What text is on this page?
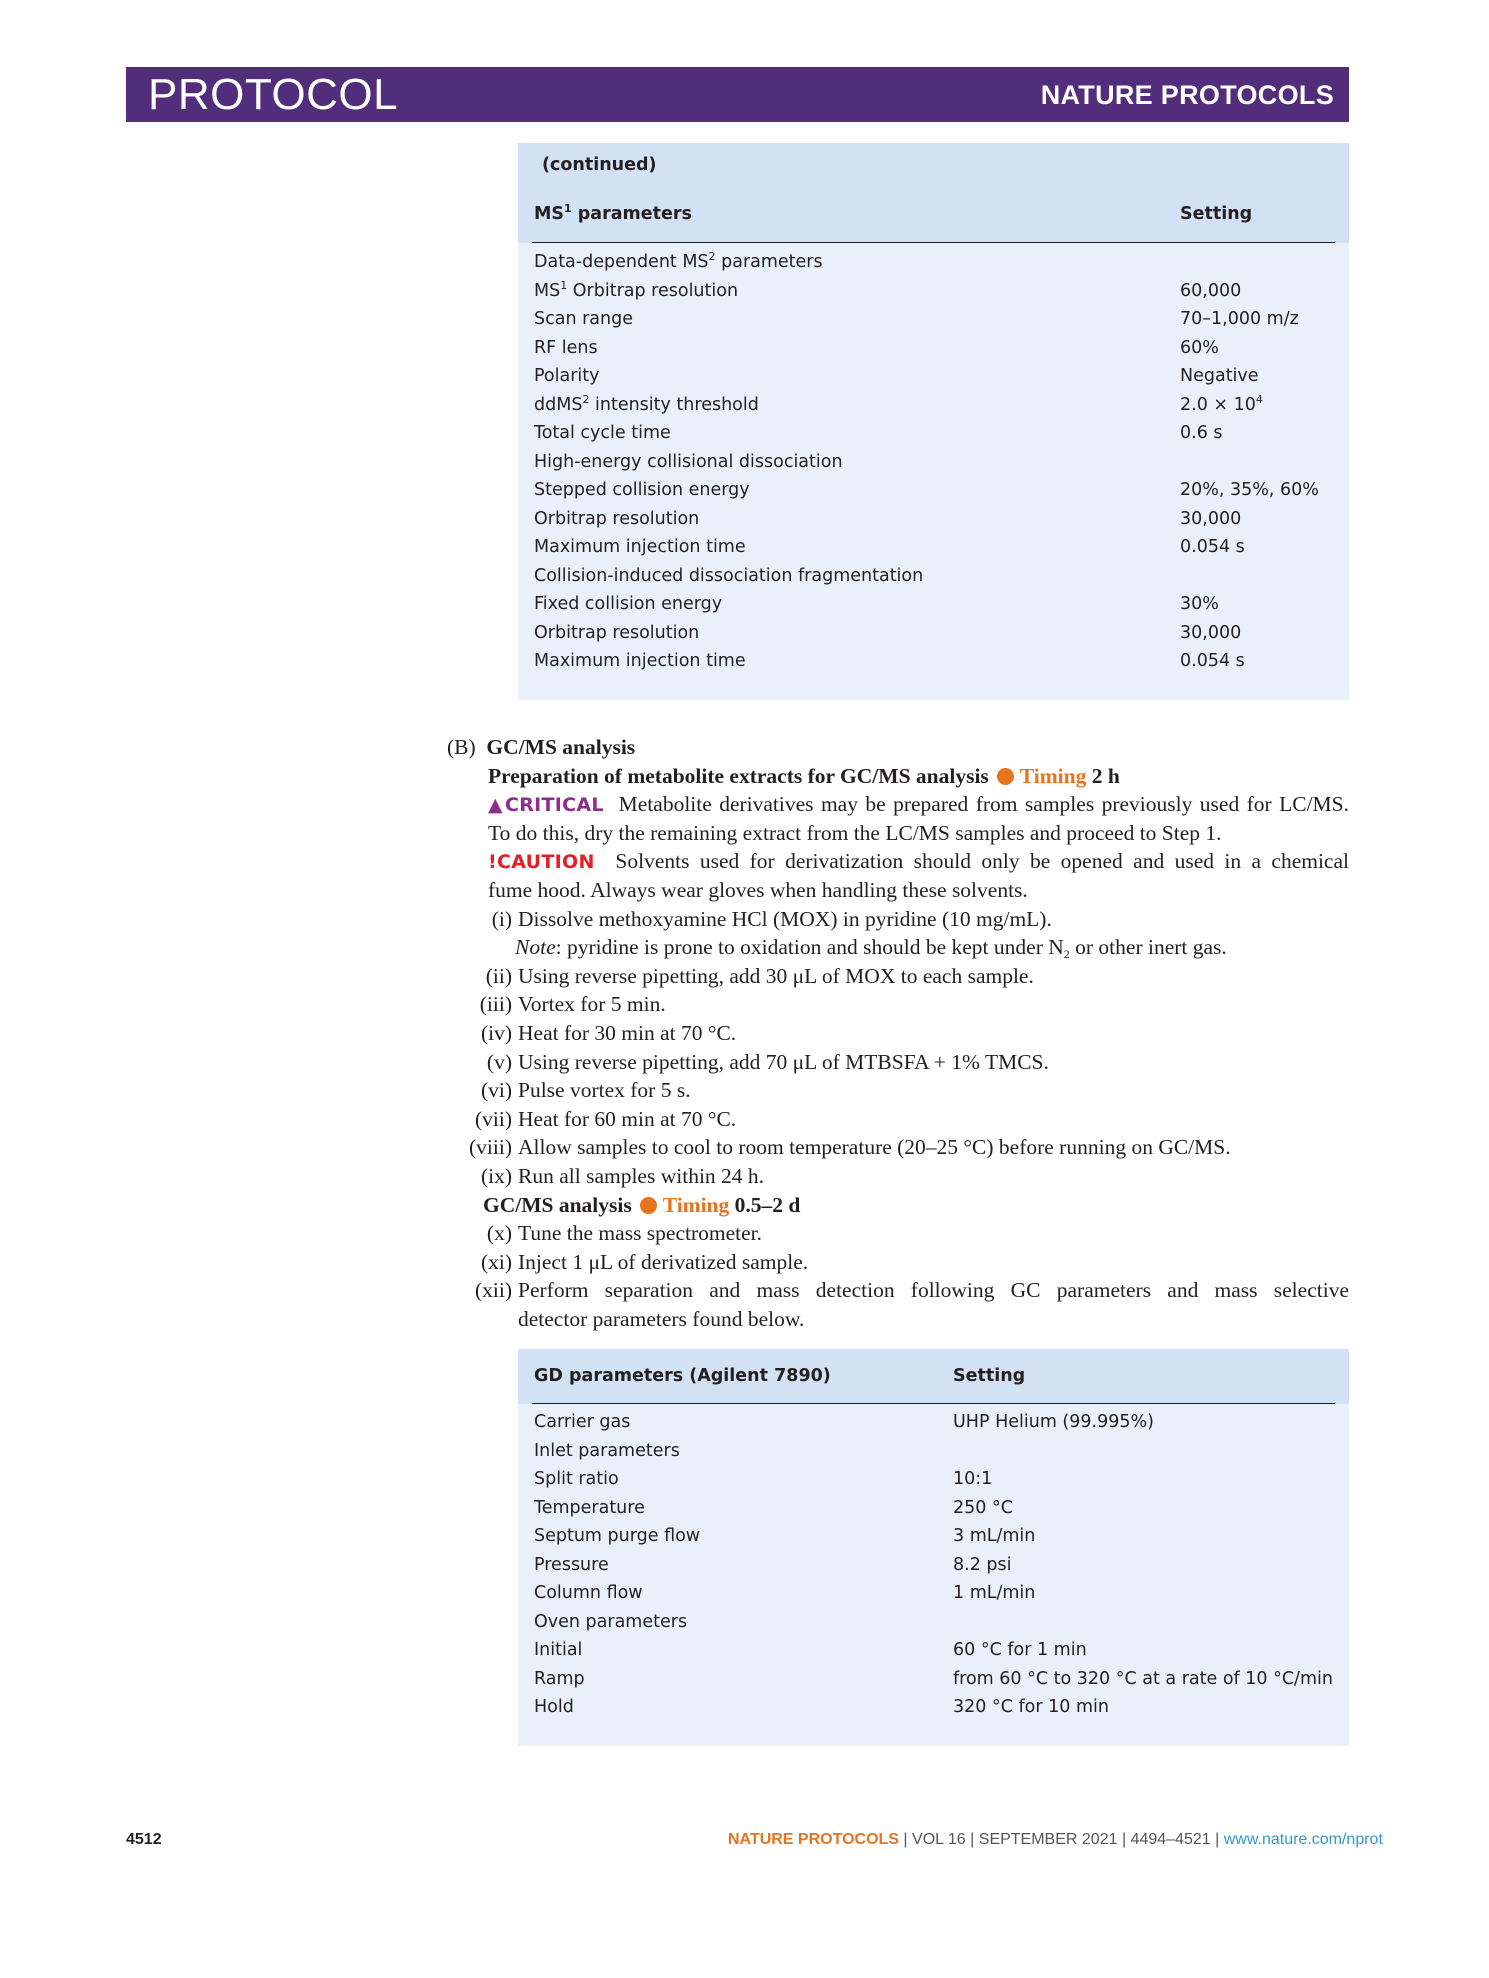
PROTOCOL	NATURE PROTOCOLS
(continued)
$MS^1$ parameters	Setting
Data-dependent $MS^2$ parameters
$MS^1$ Orbitrap resolution	60,000
Scan range	70–1,000 m/z
RF lens	60%
Polarity	Negative
ddMS$^2$ intensity threshold	$2.0 \times 10^4$
Total cycle time	0.6 s
High-energy collisional dissociation
Stepped collision energy	20%, 35%, 60%
Orbitrap resolution	30,000
Maximum injection time	0.054 s
Collision-induced dissociation fragmentation
Fixed collision energy	30%
Orbitrap resolution	30,000
Maximum injection time	0.054 s
(B) GC/MS analysis
Preparation of metabolite extracts for GC/MS analysis Timing 2 h
▲CRITICAL Metabolite derivatives may be prepared from samples previously used for LC/MS.
To do this, dry the remaining extract from the LC/MS samples and proceed to Step 1.
!CAUTION Solvents used for derivatization should only be opened and used in a chemical
fume hood. Always wear gloves when handling these solvents.
(i) Dissolve methoxyamine HCl (MOX) in pyridine (10 mg/mL).
(ii) Using reverse pipetting, add 30 μL of MOX to each sample.
(iii) Vortex for 5 min.
(iv) Heat for 30 min at 70 °C.
(v) Using reverse pipetting, add 70 μL of MTBSFA + 1% TMCS.
(vi) Pulse vortex for 5 s.
(vii) Heat for 60 min at 70 °C.
(viii) Allow samples to cool to room temperature (20–25 °C) before running on GC/MS.
(ix) Run all samples within 24 h.
(x) Tune the mass spectrometer.
(xi) Inject 1 μL of derivatized sample.
(xii) Perform separation and mass detection following GC parameters and mass selective
Note: pyridine is prone to oxidation and should be kept under $N_2$ or other inert gas.
GC/MS analysis Timing 0.5–2 d
detector parameters found below.
GD parameters (Agilent 7890)	Setting
Carrier gas	UHP Helium (99.995%)
Inlet parameters
Split ratio	10:1
Temperature	250 °C
Septum purge flow	3 mL/min
Pressure	8.2 psi
Column flow	1 mL/min
Oven parameters
Initial	60 °C for 1 min
Ramp	from 60 °C to 320 °C at a rate of 10 °C/min
Hold	320 °C for 10 min
4512	NATURE PROTOCOLS | VOL 16 | SEPTEMBER 2021 | 4494–4521 | www.nature.com/nprot
